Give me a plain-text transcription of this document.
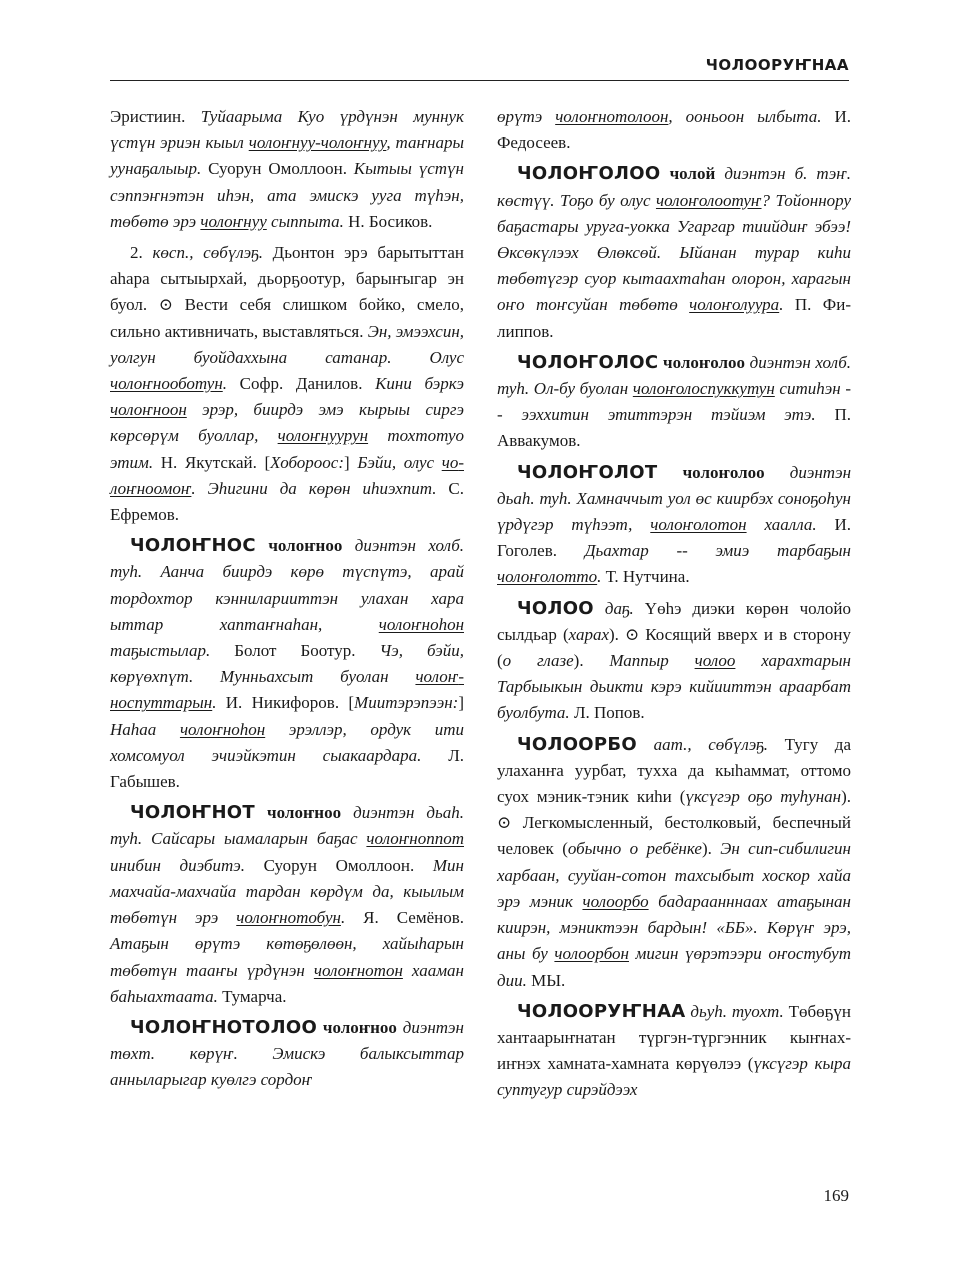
ЧОЛООРУҤНАА

Эристиин. Туйаарыма Куо үрдүнэн муннук үстүн эриэн кыыл чолоҥнуу-чолоҥнуу, таҥнары уунаҕалыыр. Суорун Омоллоон. Кытыы үстүн сэппэҥнэтэн иhэн, ата эмискэ ууга түhэн, төбөтө эрэ чолоҥнуу сыппыта. Н. Босиков.

2. көсп., сөбүлэҕ. Дьонтон эрэ барытыттан аhара сытыырхай, дьорҕоотур, барыҥыгар эн буол. ⊙ Вести себя слишком бойко, смело, сильно активничать, выставляться. Эн, эмээхсин, уолгун буойдаххына сатанар. Олус чолоҥнооботун. Софр. Данилов. Кини бэркэ чолоҥноон эрэр, биирдэ эмэ кырыы сиргэ көрсөрүм буоллар, чолоҥнуурун тохтотуо этим. Н. Якутскай. [Хобороос:] Бэйи, олус чолоҥноомоҥ. Эhигини да көрөн иhиэхпит. С. Ефремов.

ЧОЛОҤНОС чолоҥноо диэнтэн холб. туh. Аанча биирдэ көрө түспүтэ, арай тордохтор кэнниларииттэн улахан хара ыттар хаптаҥнаhан, чолоҥноhон таҕыстылар. Болот Боотур. Чэ, бэйи, көрүөхпүт. Мунньахсыт буолан чолоҥноспуттарын. И. Никифоров. [Миитэрэпээн:] Наhаа чолоҥноhон эрэллэр, ордук ити хомсомуол эчиэйкэтин сыакаардара. Л. Габышев.

ЧОЛОҤНОТ чолоҥноо диэнтэн дьаh. туh. Сайсары ыамаларын баҕас чолоҥноппот инибин диэбитэ. Суорун Омоллоон. Мин махчайа-махчайа тардан көрдүм да, кыылым төбөтүн эрэ чолоҥнотобун. Я. Семёнов. Атаҕын өрүтэ көтөҕөлөөн, хайыhарын төбөтүн тааҥы үрдүнэн чолоҥнотон хааман баhыахтаата. Тумарча.

ЧОЛОҤНОТОЛОО чолоҥноо диэнтэн төхт. көрүҥ. Эмискэ балыксыттар анныларыгар куөлгэ сордоҥ

өрүтэ чолоҥнотолоон, ооньоон ылбыта. И. Федосеев.

ЧОЛОҤОЛОО чолой диэнтэн б. тэҥ. көстүү. Тоҕо бу олус чолоҥолоотуҥ? Тойоннору баҕастары уруга-уокка Угаргар тиийдиҥ эбээ! Өксөкүлээх Өлөксөй. Ыйанан турар киhи төбөтүгэр суор кытаахтаhан олорон, харагын оҥо тоҥсуйан төбөтө чолоҥолуура. П. Филиппов.

ЧОЛОҤОЛОС чолоҥолоо диэнтэн холб. туh. Ол-бу буолан чолоҥолоспуккутун ситиhэн -- ээххитин этиттэрэн тэйиэм этэ. П. Аввакумов.

ЧОЛОҤОЛОТ чолоҥолоо диэнтэн дьаh. туh. Хамначчыт уол өс киирбэх соноҕоhун үрдүгэр түhээт, чолоҥолотон хаалла. И. Гоголев. Дьахтар -- эмиэ тарбаҕын чолоҥолотто. Т. Нутчина.

ЧОЛОО даҕ. Үөhэ диэки көрөн чолойо сылдьар (харах). ⊙ Косящий вверх и в сторону (о глазе). Маппыр чолоо харахтарын Тарбыыкын дьикти кэрэ кийииттэн араарбат буолбута. Л. Попов.

ЧОЛООРБО аат., сөбүлэҕ. Тугу да улаханҥа уурбат, тухха да кыhаммат, оттомо суох мэник-тэник киhи (үксүгэр оҕо туhунан). ⊙ Легкомысленный, бестолковый, беспечный человек (обычно о ребёнке). Эн сип-сибилигин харбаан, сууйан-сотон тахсыбыт хоскор хайа эрэ мэник чолоорбо бадараанннаах атаҕынан киирэн, мэниктээн бардын! «ББ». Көрүҥ эрэ, аны бу чолоорбон мигин үөрэтээри оҥостубут дии. МЫ.

ЧОЛООРУҤНАА дьуh. туохт. Төбөҕүн хантаарыҥнатан түргэн-түргэнник кыҥнах-иҥнэх хамната-хамната көрүөлээ (үксүгэр кыра суптугур сирэйдээх

169
